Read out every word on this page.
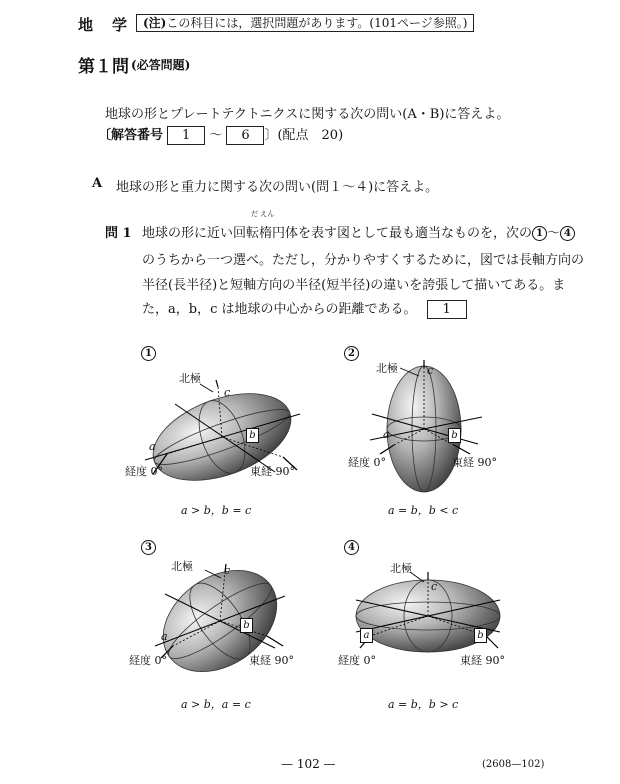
地　学	(注)この科目には，選択問題があります。(101ページ参照。)
第１問 (必答問題)
地球の形とプレートテクトニクスに関する次の問い(A・B)に答えよ。
〔解答番号 1 〜 6 〕(配点　20)
A 地球の形と重力に関する次の問い(問１〜４)に答えよ。
問 1
だ えん
地球の形に近い回転楕円体を表す図として最も適当なものを，次の 1 〜 4
のうちから一つ選べ。ただし，分かりやすくするために，図では長軸方向の
半径(長半径)と短軸方向の半径(短半径)の違いを誇張して描いてある。ま
た，a，b，c は地球の中心からの距離である。 1
1
北極
c
a
b
経度 0°	東経 90°
a > b，b = c
2
北極	c
a	b
経度 0°	東経 90°
a = b，b < c
3
北極	c
a
b
経度 0°	東経 90°
a > b，a = c
4
北極
c
a	b
経度 0°	東経 90°
a = b，b > c
— 102 —	(2608—102)
